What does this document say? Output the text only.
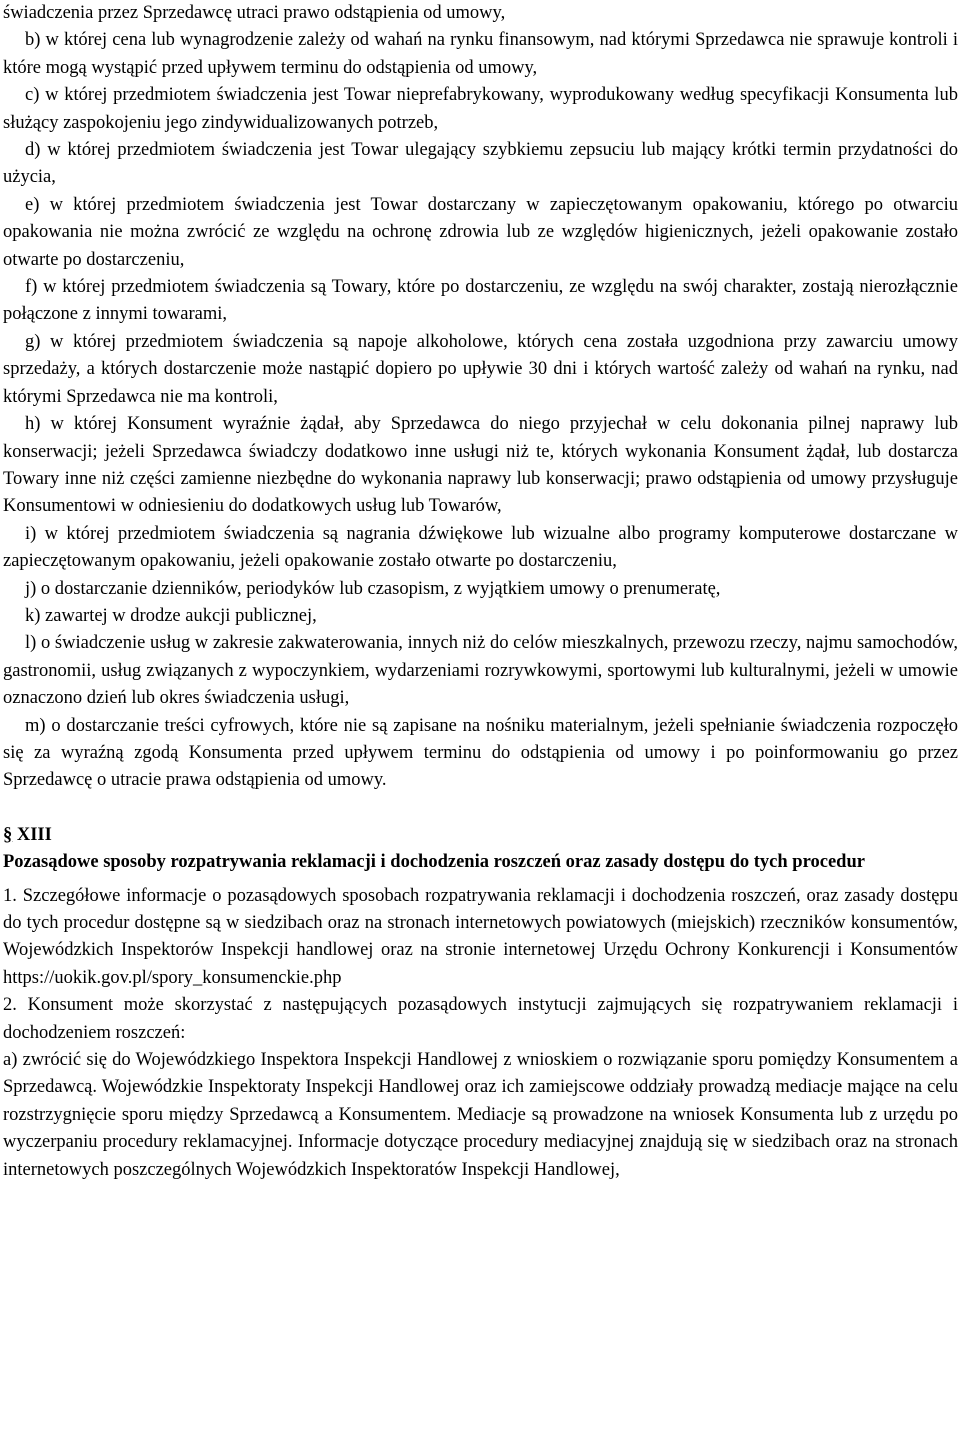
świadczenia przez Sprzedawcę utraci prawo odstąpienia od umowy,

b) w której cena lub wynagrodzenie zależy od wahań na rynku finansowym, nad którymi Sprzedawca nie sprawuje kontroli i które mogą wystąpić przed upływem terminu do odstąpienia od umowy,

c) w której przedmiotem świadczenia jest Towar nieprefabrykowany, wyprodukowany według specyfikacji Konsumenta lub służący zaspokojeniu jego zindywidualizowanych potrzeb,

d) w której przedmiotem świadczenia jest Towar ulegający szybkiemu zepsuciu lub mający krótki termin przydatności do użycia,

e) w której przedmiotem świadczenia jest Towar dostarczany w zapieczętowanym opakowaniu, którego po otwarciu opakowania nie można zwrócić ze względu na ochronę zdrowia lub ze względów higienicznych, jeżeli opakowanie zostało otwarte po dostarczeniu,

f) w której przedmiotem świadczenia są Towary, które po dostarczeniu, ze względu na swój charakter, zostają nierozłącznie połączone z innymi towarami,

g) w której przedmiotem świadczenia są napoje alkoholowe, których cena została uzgodniona przy zawarciu umowy sprzedaży, a których dostarczenie może nastąpić dopiero po upływie 30 dni i których wartość zależy od wahań na rynku, nad którymi Sprzedawca nie ma kontroli,

h) w której Konsument wyraźnie żądał, aby Sprzedawca do niego przyjechał w celu dokonania pilnej naprawy lub konserwacji; jeżeli Sprzedawca świadczy dodatkowo inne usługi niż te, których wykonania Konsument żądał, lub dostarcza Towary inne niż części zamienne niezbędne do wykonania naprawy lub konserwacji; prawo odstąpienia od umowy przysługuje Konsumentowi w odniesieniu do dodatkowych usług lub Towarów,

i) w której przedmiotem świadczenia są nagrania dźwiękowe lub wizualne albo programy komputerowe dostarczane w zapieczętowanym opakowaniu, jeżeli opakowanie zostało otwarte po dostarczeniu,

j) o dostarczanie dzienników, periodyków lub czasopism, z wyjątkiem umowy o prenumeratę,

k) zawartej w drodze aukcji publicznej,

l) o świadczenie usług w zakresie zakwaterowania, innych niż do celów mieszkalnych, przewozu rzeczy, najmu samochodów, gastronomii, usług związanych z wypoczynkiem, wydarzeniami rozrywkowymi, sportowymi lub kulturalnymi, jeżeli w umowie oznaczono dzień lub okres świadczenia usługi,

m) o dostarczanie treści cyfrowych, które nie są zapisane na nośniku materialnym, jeżeli spełnianie świadczenia rozpoczęło się za wyraźną zgodą Konsumenta przed upływem terminu do odstąpienia od umowy i po poinformowaniu go przez Sprzedawcę o utracie prawa odstąpienia od umowy.

§ XIII

Pozasądowe sposoby rozpatrywania reklamacji i dochodzenia roszczeń oraz zasady dostępu do tych procedur

1. Szczegółowe informacje o pozasądowych sposobach rozpatrywania reklamacji i dochodzenia roszczeń, oraz zasady dostępu do tych procedur dostępne są w siedzibach oraz na stronach internetowych powiatowych (miejskich) rzeczników konsumentów, Wojewódzkich Inspektorów Inspekcji handlowej oraz na stronie internetowej Urzędu Ochrony Konkurencji i Konsumentów https://uokik.gov.pl/spory_konsumenckie.php

2. Konsument może skorzystać z następujących pozasądowych instytucji zajmujących się rozpatrywaniem reklamacji i dochodzeniem roszczeń:

a) zwrócić się do Wojewódzkiego Inspektora Inspekcji Handlowej z wnioskiem o rozwiązanie sporu pomiędzy Konsumentem a Sprzedawcą. Wojewódzkie Inspektoraty Inspekcji Handlowej oraz ich zamiejscowe oddziały prowadzą mediacje mające na celu rozstrzygnięcie sporu między Sprzedawcą a Konsumentem. Mediacje są prowadzone na wniosek Konsumenta lub z urzędu po wyczerpaniu procedury reklamacyjnej. Informacje dotyczące procedury mediacyjnej znajdują się w siedzibach oraz na stronach internetowych poszczególnych Wojewódzkich Inspektoratów Inspekcji Handlowej,
